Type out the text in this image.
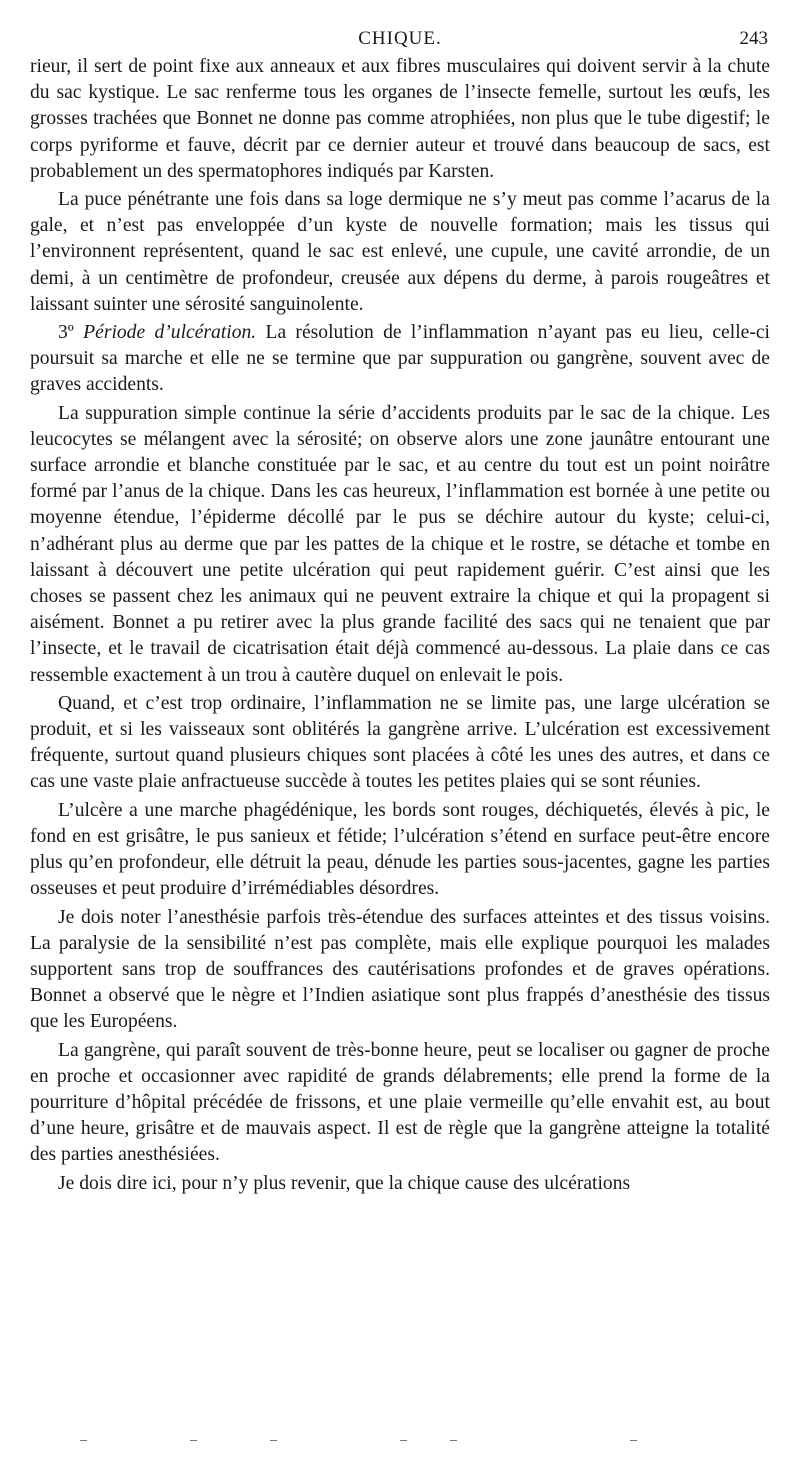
CHIQUE.	243

rieur, il sert de point fixe aux anneaux et aux fibres musculaires qui doivent servir à la chute du sac kystique. Le sac renferme tous les organes de l’insecte femelle, surtout les œufs, les grosses trachées que Bonnet ne donne pas comme atrophiées, non plus que le tube digestif; le corps pyriforme et fauve, décrit par ce dernier auteur et trouvé dans beaucoup de sacs, est probablement un des spermatophores indiqués par Karsten.

La puce pénétrante une fois dans sa loge dermique ne s’y meut pas comme l’acarus de la gale, et n’est pas enveloppée d’un kyste de nouvelle formation; mais les tissus qui l’environnent représentent, quand le sac est enlevé, une cupule, une cavité arrondie, de un demi, à un centimètre de profondeur, creusée aux dépens du derme, à parois rougeâtres et laissant suinter une sérosité sanguinolente.

3º Période d’ulcération. La résolution de l’inflammation n’ayant pas eu lieu, celle-ci poursuit sa marche et elle ne se termine que par suppuration ou gangrène, souvent avec de graves accidents.

La suppuration simple continue la série d’accidents produits par le sac de la chique. Les leucocytes se mélangent avec la sérosité; on observe alors une zone jaunâtre entourant une surface arrondie et blanche constituée par le sac, et au centre du tout est un point noirâtre formé par l’anus de la chique. Dans les cas heureux, l’inflammation est bornée à une petite ou moyenne étendue, l’épiderme décollé par le pus se déchire autour du kyste; celui-ci, n’adhérant plus au derme que par les pattes de la chique et le rostre, se détache et tombe en laissant à découvert une petite ulcération qui peut rapidement guérir. C’est ainsi que les choses se passent chez les animaux qui ne peuvent extraire la chique et qui la propagent si aisément. Bonnet a pu retirer avec la plus grande facilité des sacs qui ne tenaient que par l’insecte, et le travail de cicatrisation était déjà commencé au-dessous. La plaie dans ce cas ressemble exactement à un trou à cautère duquel on enlevait le pois.

Quand, et c’est trop ordinaire, l’inflammation ne se limite pas, une large ulcération se produit, et si les vaisseaux sont oblitérés la gangrène arrive. L’ulcération est excessivement fréquente, surtout quand plusieurs chiques sont placées à côté les unes des autres, et dans ce cas une vaste plaie anfractueuse succède à toutes les petites plaies qui se sont réunies.

L’ulcère a une marche phagédénique, les bords sont rouges, déchiquetés, élevés à pic, le fond en est grisâtre, le pus sanieux et fétide; l’ulcération s’étend en surface peut-être encore plus qu’en profondeur, elle détruit la peau, dénude les parties sous-jacentes, gagne les parties osseuses et peut produire d’irrémédiables désordres.

Je dois noter l’anesthésie parfois très-étendue des surfaces atteintes et des tissus voisins. La paralysie de la sensibilité n’est pas complète, mais elle explique pourquoi les malades supportent sans trop de souffrances des cautérisations profondes et de graves opérations. Bonnet a observé que le nègre et l’Indien asiatique sont plus frappés d’anesthésie des tissus que les Européens.

La gangrène, qui paraît souvent de très-bonne heure, peut se localiser ou gagner de proche en proche et occasionner avec rapidité de grands délabrements; elle prend la forme de la pourriture d’hôpital précédée de frissons, et une plaie vermeille qu’elle envahit est, au bout d’une heure, grisâtre et de mauvais aspect. Il est de règle que la gangrène atteigne la totalité des parties anesthésiées.

Je dois dire ici, pour n’y plus revenir, que la chique cause des ulcérations
